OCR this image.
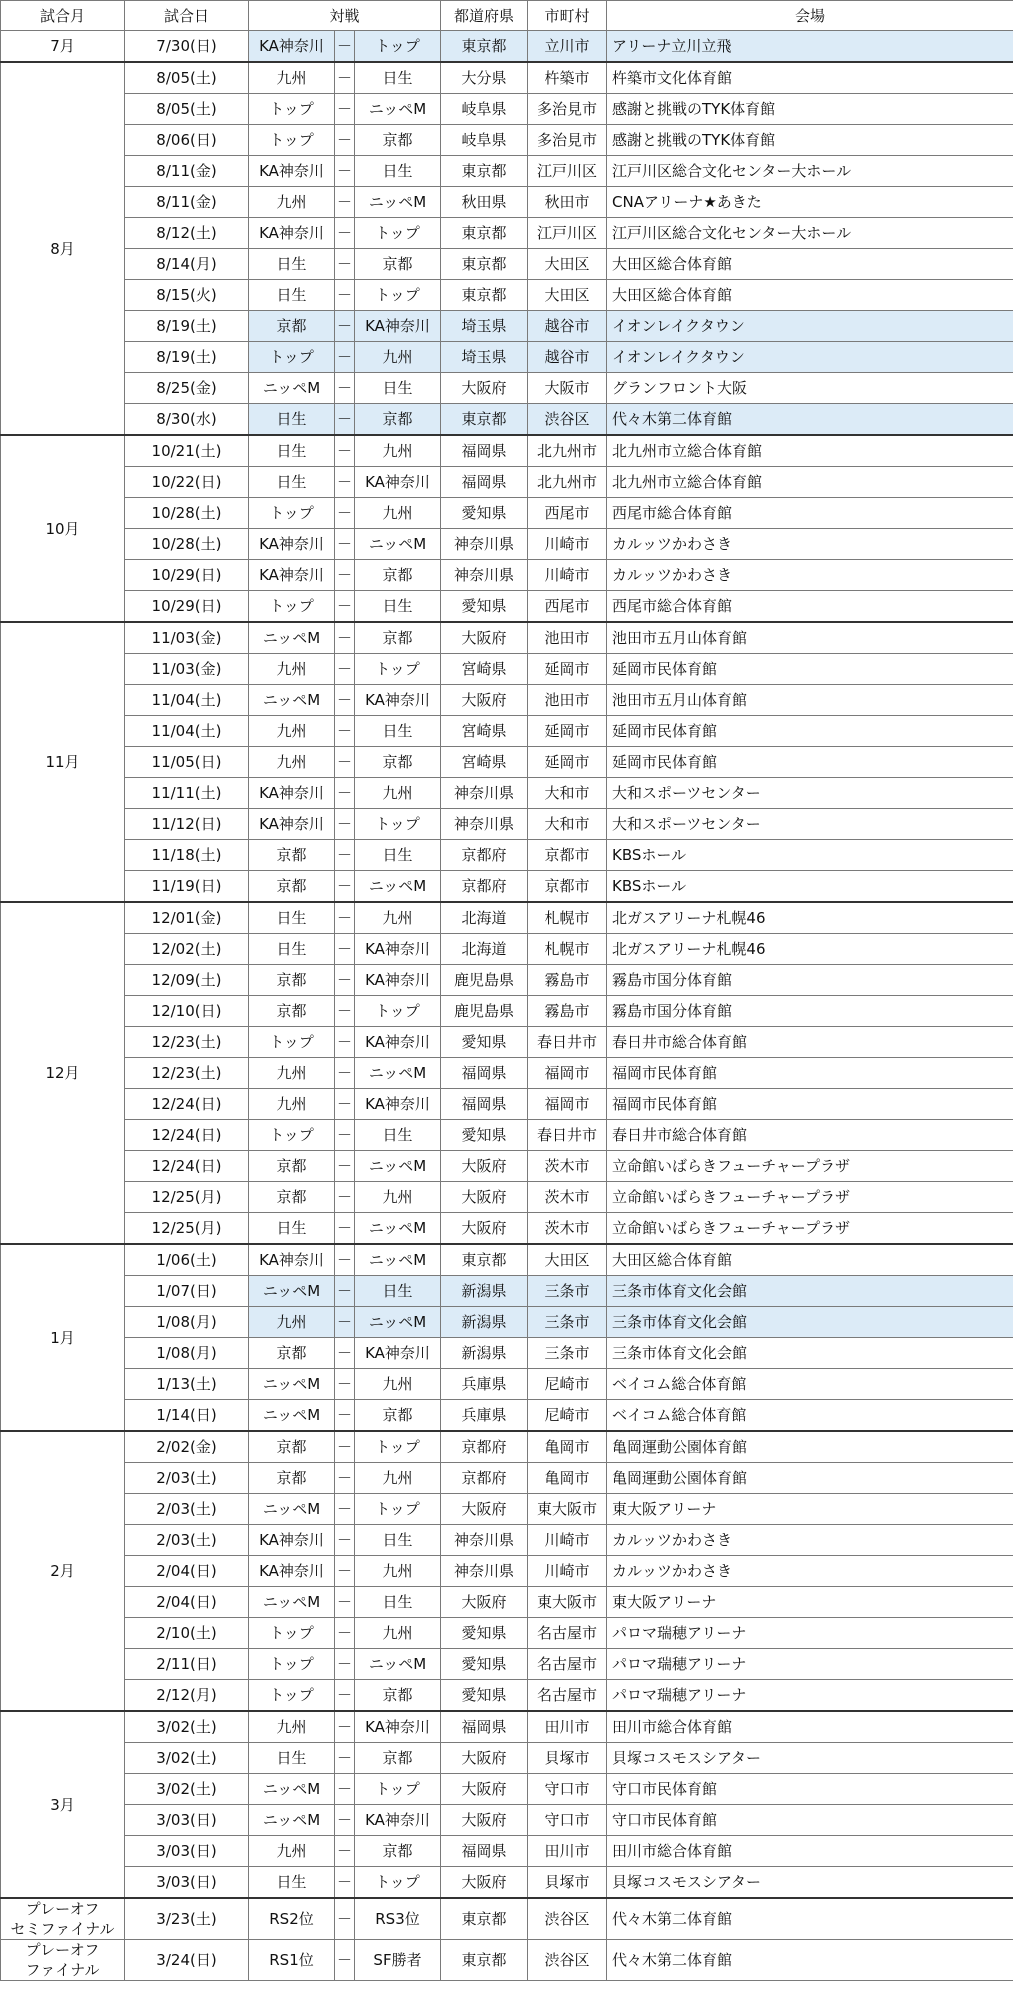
試合月	試合日	対戦			都道府県	市町村	会場
7月	7/30(日)	KA神奈川	－	トップ	東京都	立川市	アリーナ立川立飛
8月	8/05(土)	九州	－	日生	大分県	杵築市	杵築市文化体育館
	8/05(土)	トップ	－	ニッペM	岐阜県	多治見市	感謝と挑戦のTYK体育館
	8/06(日)	トップ	－	京都	岐阜県	多治見市	感謝と挑戦のTYK体育館
	8/11(金)	KA神奈川	－	日生	東京都	江戸川区	江戸川区総合文化センター大ホール
	8/11(金)	九州	－	ニッペM	秋田県	秋田市	CNAアリーナ★あきた
	8/12(土)	KA神奈川	－	トップ	東京都	江戸川区	江戸川区総合文化センター大ホール
	8/14(月)	日生	－	京都	東京都	大田区	大田区総合体育館
	8/15(火)	日生	－	トップ	東京都	大田区	大田区総合体育館
	8/19(土)	京都	－	KA神奈川	埼玉県	越谷市	イオンレイクタウン
	8/19(土)	トップ	－	九州	埼玉県	越谷市	イオンレイクタウン
	8/25(金)	ニッペM	－	日生	大阪府	大阪市	グランフロント大阪
	8/30(水)	日生	－	京都	東京都	渋谷区	代々木第二体育館
10月	10/21(土)	日生	－	九州	福岡県	北九州市	北九州市立総合体育館
	10/22(日)	日生	－	KA神奈川	福岡県	北九州市	北九州市立総合体育館
	10/28(土)	トップ	－	九州	愛知県	西尾市	西尾市総合体育館
	10/28(土)	KA神奈川	－	ニッペM	神奈川県	川崎市	カルッツかわさき
	10/29(日)	KA神奈川	－	京都	神奈川県	川崎市	カルッツかわさき
	10/29(日)	トップ	－	日生	愛知県	西尾市	西尾市総合体育館
11月	11/03(金)	ニッペM	－	京都	大阪府	池田市	池田市五月山体育館
	11/03(金)	九州	－	トップ	宮崎県	延岡市	延岡市民体育館
	11/04(土)	ニッペM	－	KA神奈川	大阪府	池田市	池田市五月山体育館
	11/04(土)	九州	－	日生	宮崎県	延岡市	延岡市民体育館
	11/05(日)	九州	－	京都	宮崎県	延岡市	延岡市民体育館
	11/11(土)	KA神奈川	－	九州	神奈川県	大和市	大和スポーツセンター
	11/12(日)	KA神奈川	－	トップ	神奈川県	大和市	大和スポーツセンター
	11/18(土)	京都	－	日生	京都府	京都市	KBSホール
	11/19(日)	京都	－	ニッペM	京都府	京都市	KBSホール
12月	12/01(金)	日生	－	九州	北海道	札幌市	北ガスアリーナ札幌46
	12/02(土)	日生	－	KA神奈川	北海道	札幌市	北ガスアリーナ札幌46
	12/09(土)	京都	－	KA神奈川	鹿児島県	霧島市	霧島市国分体育館
	12/10(日)	京都	－	トップ	鹿児島県	霧島市	霧島市国分体育館
	12/23(土)	トップ	－	KA神奈川	愛知県	春日井市	春日井市総合体育館
	12/23(土)	九州	－	ニッペM	福岡県	福岡市	福岡市民体育館
	12/24(日)	九州	－	KA神奈川	福岡県	福岡市	福岡市民体育館
	12/24(日)	トップ	－	日生	愛知県	春日井市	春日井市総合体育館
	12/24(日)	京都	－	ニッペM	大阪府	茨木市	立命館いばらきフューチャープラザ
	12/25(月)	京都	－	九州	大阪府	茨木市	立命館いばらきフューチャープラザ
	12/25(月)	日生	－	ニッペM	大阪府	茨木市	立命館いばらきフューチャープラザ
1月	1/06(土)	KA神奈川	－	ニッペM	東京都	大田区	大田区総合体育館
	1/07(日)	ニッペM	－	日生	新潟県	三条市	三条市体育文化会館
	1/08(月)	九州	－	ニッペM	新潟県	三条市	三条市体育文化会館
	1/08(月)	京都	－	KA神奈川	新潟県	三条市	三条市体育文化会館
	1/13(土)	ニッペM	－	九州	兵庫県	尼崎市	ベイコム総合体育館
	1/14(日)	ニッペM	－	京都	兵庫県	尼崎市	ベイコム総合体育館
2月	2/02(金)	京都	－	トップ	京都府	亀岡市	亀岡運動公園体育館
	2/03(土)	京都	－	九州	京都府	亀岡市	亀岡運動公園体育館
	2/03(土)	ニッペM	－	トップ	大阪府	東大阪市	東大阪アリーナ
	2/03(土)	KA神奈川	－	日生	神奈川県	川崎市	カルッツかわさき
	2/04(日)	KA神奈川	－	九州	神奈川県	川崎市	カルッツかわさき
	2/04(日)	ニッペM	－	日生	大阪府	東大阪市	東大阪アリーナ
	2/10(土)	トップ	－	九州	愛知県	名古屋市	パロマ瑞穂アリーナ
	2/11(日)	トップ	－	ニッペM	愛知県	名古屋市	パロマ瑞穂アリーナ
	2/12(月)	トップ	－	京都	愛知県	名古屋市	パロマ瑞穂アリーナ
3月	3/02(土)	九州	－	KA神奈川	福岡県	田川市	田川市総合体育館
	3/02(土)	日生	－	京都	大阪府	貝塚市	貝塚コスモスシアター
	3/02(土)	ニッペM	－	トップ	大阪府	守口市	守口市民体育館
	3/03(日)	ニッペM	－	KA神奈川	大阪府	守口市	守口市民体育館
	3/03(日)	九州	－	京都	福岡県	田川市	田川市総合体育館
	3/03(日)	日生	－	トップ	大阪府	貝塚市	貝塚コスモスシアター
プレーオフ
セミファイナル	3/23(土)	RS2位	－	RS3位	東京都	渋谷区	代々木第二体育館
プレーオフ
ファイナル	3/24(日)	RS1位	－	SF勝者	東京都	渋谷区	代々木第二体育館
